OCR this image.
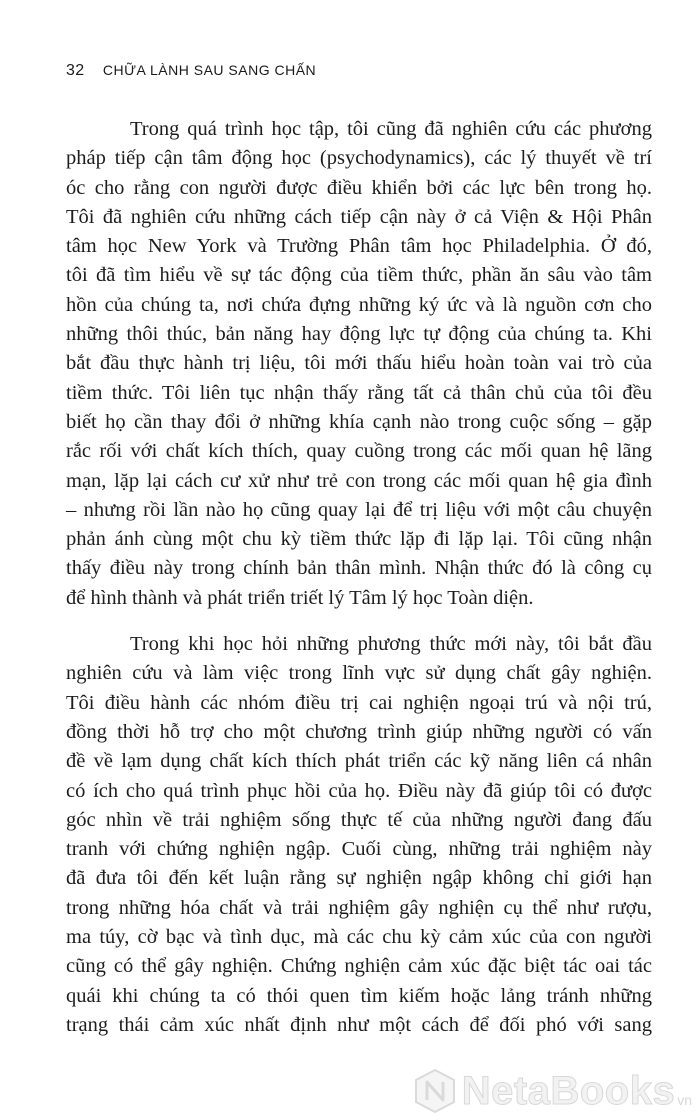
32 CHỮA LÀNH SAU SANG CHẤN
Trong quá trình học tập, tôi cũng đã nghiên cứu các phương
pháp tiếp cận tâm động học (psychodynamics), các lý thuyết về trí
óc cho rằng con người được điều khiển bởi các lực bên trong họ.
Tôi đã nghiên cứu những cách tiếp cận này ở cả Viện & Hội Phân
tâm học New York và Trường Phân tâm học Philadelphia. Ở đó,
tôi đã tìm hiểu về sự tác động của tiềm thức, phần ăn sâu vào tâm
hồn của chúng ta, nơi chứa đựng những ký ức và là nguồn cơn cho
những thôi thúc, bản năng hay động lực tự động của chúng ta. Khi
bắt đầu thực hành trị liệu, tôi mới thấu hiểu hoàn toàn vai trò của
tiềm thức. Tôi liên tục nhận thấy rằng tất cả thân chủ của tôi đều
biết họ cần thay đổi ở những khía cạnh nào trong cuộc sống – gặp
rắc rối với chất kích thích, quay cuồng trong các mối quan hệ lãng
mạn, lặp lại cách cư xử như trẻ con trong các mối quan hệ gia đình
– nhưng rồi lần nào họ cũng quay lại để trị liệu với một câu chuyện
phản ánh cùng một chu kỳ tiềm thức lặp đi lặp lại. Tôi cũng nhận
thấy điều này trong chính bản thân mình. Nhận thức đó là công cụ
để hình thành và phát triển triết lý Tâm lý học Toàn diện.
Trong khi học hỏi những phương thức mới này, tôi bắt đầu
nghiên cứu và làm việc trong lĩnh vực sử dụng chất gây nghiện.
Tôi điều hành các nhóm điều trị cai nghiện ngoại trú và nội trú,
đồng thời hỗ trợ cho một chương trình giúp những người có vấn
đề về lạm dụng chất kích thích phát triển các kỹ năng liên cá nhân
có ích cho quá trình phục hồi của họ. Điều này đã giúp tôi có được
góc nhìn về trải nghiệm sống thực tế của những người đang đấu
tranh với chứng nghiện ngập. Cuối cùng, những trải nghiệm này
đã đưa tôi đến kết luận rằng sự nghiện ngập không chỉ giới hạn
trong những hóa chất và trải nghiệm gây nghiện cụ thể như rượu,
ma túy, cờ bạc và tình dục, mà các chu kỳ cảm xúc của con người
cũng có thể gây nghiện. Chứng nghiện cảm xúc đặc biệt tác oai tác
quái khi chúng ta có thói quen tìm kiếm hoặc lảng tránh những
trạng thái cảm xúc nhất định như một cách để đối phó với sang
NetaBooks vn
